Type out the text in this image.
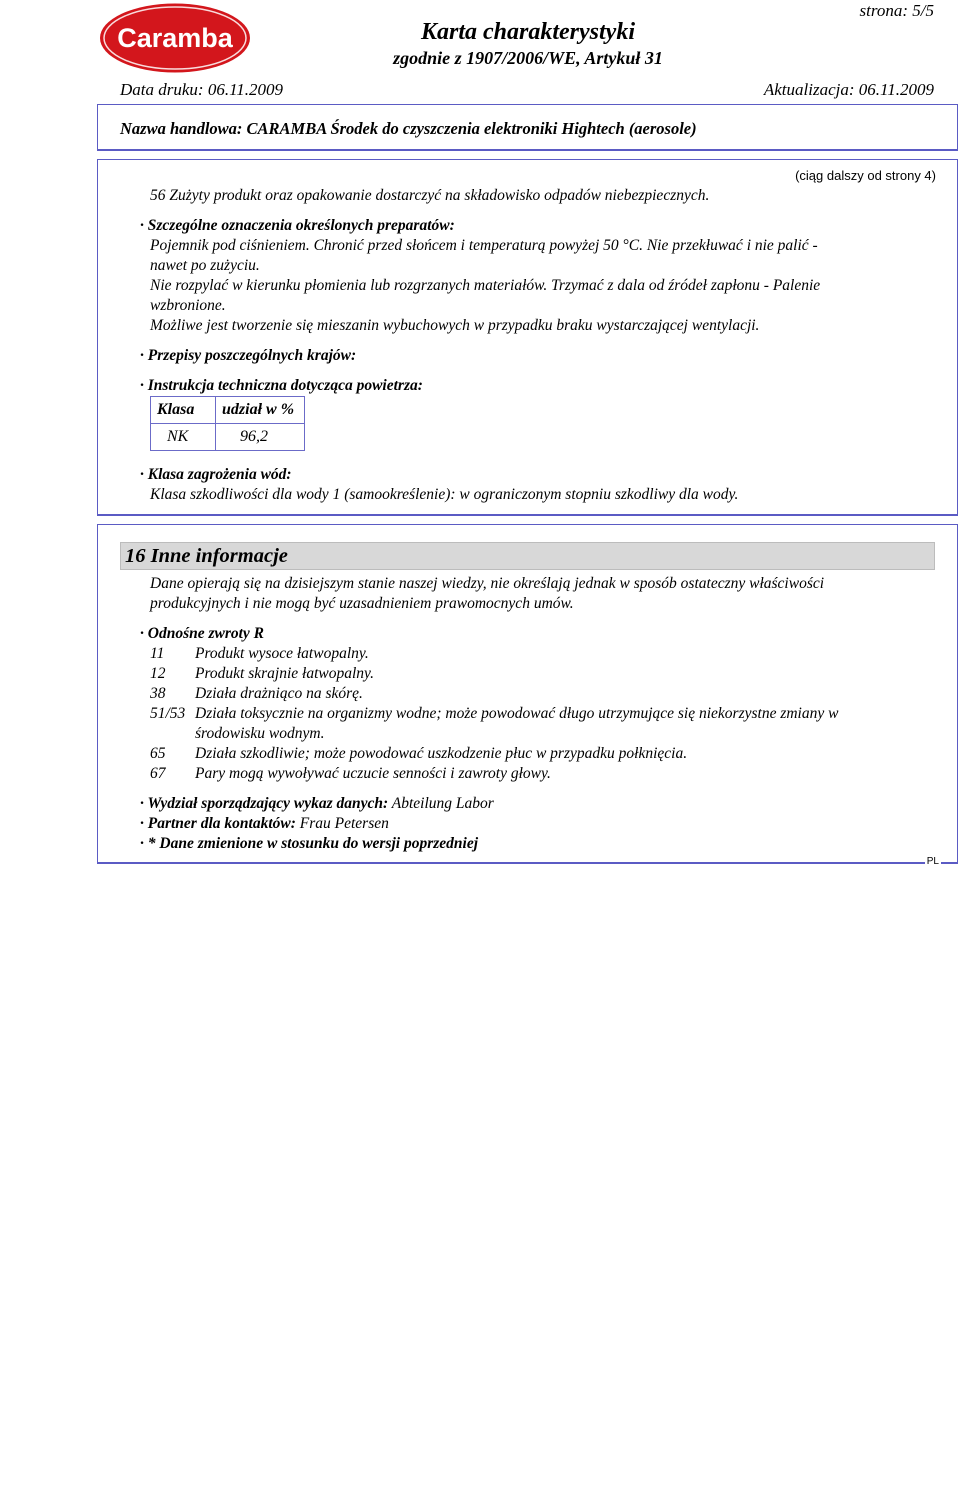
Caramba
strona: 5/5
Karta charakterystyki
zgodnie z 1907/2006/WE, Artykuł 31
Data druku: 06.11.2009	Aktualizacja: 06.11.2009
Nazwa handlowa: CARAMBA Środek do czyszczenia elektroniki Hightech (aerosole)
(ciąg dalszy od strony 4)
56 Zużyty produkt oraz opakowanie dostarczyć na składowisko odpadów niebezpiecznych.
· Szczególne oznaczenia określonych preparatów:
Pojemnik pod ciśnieniem. Chronić przed słońcem i temperaturą powyżej 50 °C. Nie przekłuwać i nie palić -
nawet po zużyciu.
Nie rozpylać w kierunku płomienia lub rozgrzanych materiałów. Trzymać z dala od źródeł zapłonu - Palenie
wzbronione.
Możliwe jest tworzenie się mieszanin wybuchowych w przypadku braku wystarczającej wentylacji.
· Przepisy poszczególnych krajów:
· Instrukcja techniczna dotycząca powietrza:
Klasa	udział w %
NK	96,2
· Klasa zagrożenia wód:
Klasa szkodliwości dla wody 1 (samookreślenie): w ograniczonym stopniu szkodliwy dla wody.
16 Inne informacje
Dane opierają się na dzisiejszym stanie naszej wiedzy, nie określają jednak w sposób ostateczny właściwości
produkcyjnych i nie mogą być uzasadnieniem prawomocnych umów.
· Odnośne zwroty R
11 Produkt wysoce łatwopalny.
12 Produkt skrajnie łatwopalny.
38 Działa drażniąco na skórę.
51/53 Działa toksycznie na organizmy wodne; może powodować długo utrzymujące się niekorzystne zmiany w
środowisku wodnym.
65 Działa szkodliwie; może powodować uszkodzenie płuc w przypadku połknięcia.
67 Pary mogą wywoływać uczucie senności i zawroty głowy.
· Wydział sporządzający wykaz danych: Abteilung Labor
· Partner dla kontaktów: Frau Petersen
· * Dane zmienione w stosunku do wersji poprzedniej
PL
